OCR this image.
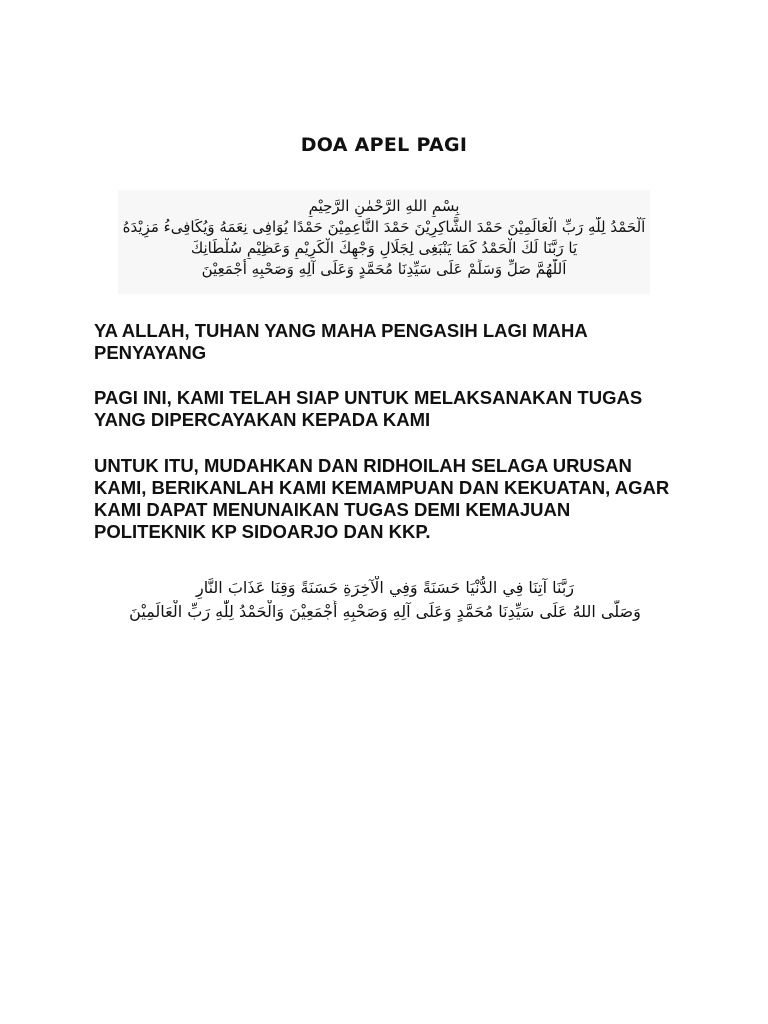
DOA APEL PAGI
بِسْمِ اللهِ الرَّحْمٰنِ الرَّحِيْمِ
اَلْحَمْدُ لِلّٰهِ رَبِّ الْعَالَمِيْنَ حَمْدَ الشَّاكِرِيْنَ حَمْدَ النَّاعِمِيْنَ حَمْدًا يُوَافِى نِعَمَهُ وَيُكَافِىءُ مَزِيْدَهُ
يَا رَبَّنَا لَكَ الْحَمْدُ كَمَا يَنْبَغِى لِجَلَالِ وَجْهِكَ الْكَرِيْمِ وَعَظِيْمِ سُلْطَانِكَ
اَللّٰهُمَّ صَلِّ وَسَلِّمْ عَلَى سَيِّدِنَا مُحَمَّدٍ وَعَلَى آلِهِ وَصَحْبِهِ أَجْمَعِيْنَ

YA ALLAH, TUHAN YANG MAHA PENGASIH LAGI MAHA PENYAYANG

PAGI INI, KAMI TELAH SIAP UNTUK MELAKSANAKAN TUGAS YANG DIPERCAYAKAN KEPADA KAMI

UNTUK ITU, MUDAHKAN DAN RIDHOILAH SELAGA URUSAN KAMI, BERIKANLAH KAMI KEMAMPUAN DAN KEKUATAN, AGAR KAMI DAPAT MENUNAIKAN TUGAS DEMI KEMAJUAN POLITEKNIK KP SIDOARJO DAN KKP.

رَبَّنَا آتِنَا فِي الدُّنْيَا حَسَنَةً وَفِي الْآخِرَةِ حَسَنَةً وَقِنَا عَذَابَ النَّارِ
وَصَلَّى اللهُ عَلَى سَيِّدِنَا مُحَمَّدٍ وَعَلَى آلِهِ وَصَحْبِهِ أَجْمَعِيْنَ وَالْحَمْدُ لِلّٰهِ رَبِّ الْعَالَمِيْنَ
